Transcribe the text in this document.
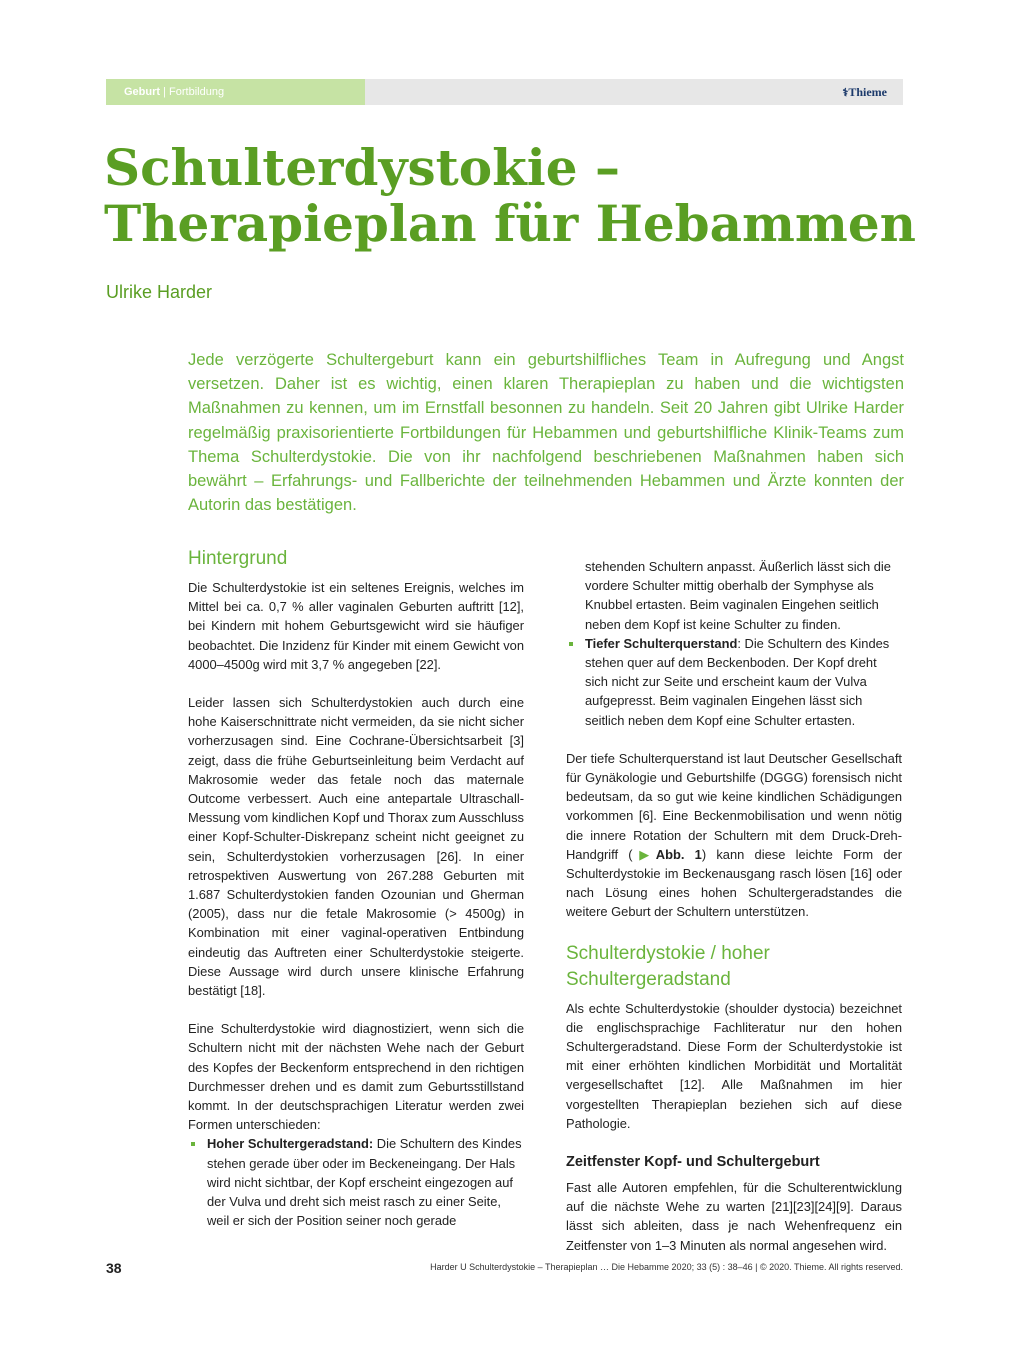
Geburt | Fortbildung	⚕Thieme
Schulterdystokie –
Therapieplan für Hebammen
Ulrike Harder

Jede verzögerte Schultergeburt kann ein geburtshilfliches Team in Aufregung und Angst versetzen. Daher ist es wichtig, einen klaren Therapieplan zu haben und die wichtigsten Maßnahmen zu kennen, um im Ernstfall besonnen zu handeln. Seit 20 Jahren gibt Ulrike Harder regelmäßig praxisorientierte Fortbildungen für Hebammen und geburtshilfliche Klinik-Teams zum Thema Schulterdystokie. Die von ihr nachfolgend beschriebenen Maßnahmen haben sich bewährt – Erfahrungs- und Fallberichte der teilnehmenden Hebammen und Ärzte konnten der Autorin das bestätigen.

Hintergrund

Die Schulterdystokie ist ein seltenes Ereignis, welches im Mittel bei ca. 0,7 % aller vaginalen Geburten auftritt [12], bei Kindern mit hohem Geburtsgewicht wird sie häufiger beobachtet. Die Inzidenz für Kinder mit einem Gewicht von 4000–4500g wird mit 3,7 % angegeben [22].

Leider lassen sich Schulterdystokien auch durch eine hohe Kaiserschnittrate nicht vermeiden, da sie nicht sicher vorherzusagen sind. Eine Cochrane-Übersichtsarbeit [3] zeigt, dass die frühe Geburtseinleitung beim Verdacht auf Makrosomie weder das fetale noch das maternale Outcome verbessert. Auch eine antepartale Ultraschall-Messung vom kindlichen Kopf und Thorax zum Ausschluss einer Kopf-Schulter-Diskrepanz scheint nicht geeignet zu sein, Schulterdystokien vorherzusagen [26]. In einer retrospektiven Auswertung von 267.288 Geburten mit 1.687 Schulterdystokien fanden Ozounian und Gherman (2005), dass nur die fetale Makrosomie (> 4500g) in Kombination mit einer vaginal-operativen Entbindung eindeutig das Auftreten einer Schulterdystokie steigerte. Diese Aussage wird durch unsere klinische Erfahrung bestätigt [18].

Eine Schulterdystokie wird diagnostiziert, wenn sich die Schultern nicht mit der nächsten Wehe nach der Geburt des Kopfes der Beckenform entsprechend in den richtigen Durchmesser drehen und es damit zum Geburtsstillstand kommt. In der deutschsprachigen Literatur werden zwei Formen unterschieden:

Hoher Schultergeradstand: Die Schultern des Kindes stehen gerade über oder im Beckeneingang. Der Hals wird nicht sichtbar, der Kopf erscheint eingezogen auf der Vulva und dreht sich meist rasch zu einer Seite, weil er sich der Position seiner noch gerade

stehenden Schultern anpasst. Äußerlich lässt sich die vordere Schulter mittig oberhalb der Symphyse als Knubbel ertasten. Beim vaginalen Eingehen seitlich neben dem Kopf ist keine Schulter zu finden.

Tiefer Schulterquerstand: Die Schultern des Kindes stehen quer auf dem Beckenboden. Der Kopf dreht sich nicht zur Seite und erscheint kaum der Vulva aufgepresst. Beim vaginalen Eingehen lässt sich seitlich neben dem Kopf eine Schulter ertasten.

Der tiefe Schulterquerstand ist laut Deutscher Gesellschaft für Gynäkologie und Geburtshilfe (DGGG) forensisch nicht bedeutsam, da so gut wie keine kindlichen Schädigungen vorkommen [6]. Eine Beckenmobilisation und wenn nötig die innere Rotation der Schultern mit dem Druck-Dreh-Handgriff (▶Abb. 1) kann diese leichte Form der Schulterdystokie im Beckenausgang rasch lösen [16] oder nach Lösung eines hohen Schultergeradstandes die weitere Geburt der Schultern unterstützen.

Schulterdystokie / hoher Schultergeradstand

Als echte Schulterdystokie (shoulder dystocia) bezeichnet die englischsprachige Fachliteratur nur den hohen Schultergeradstand. Diese Form der Schulterdystokie ist mit einer erhöhten kindlichen Morbidität und Mortalität vergesellschaftet [12]. Alle Maßnahmen im hier vorgestellten Therapieplan beziehen sich auf diese Pathologie.

Zeitfenster Kopf- und Schultergeburt

Fast alle Autoren empfehlen, für die Schulterentwicklung auf die nächste Wehe zu warten [21][23][24][9]. Daraus lässt sich ableiten, dass je nach Wehenfrequenz ein Zeitfenster von 1–3 Minuten als normal angesehen wird.

38	Harder U Schulterdystokie – Therapieplan … Die Hebamme 2020; 33 (5) : 38–46 | © 2020. Thieme. All rights reserved.
